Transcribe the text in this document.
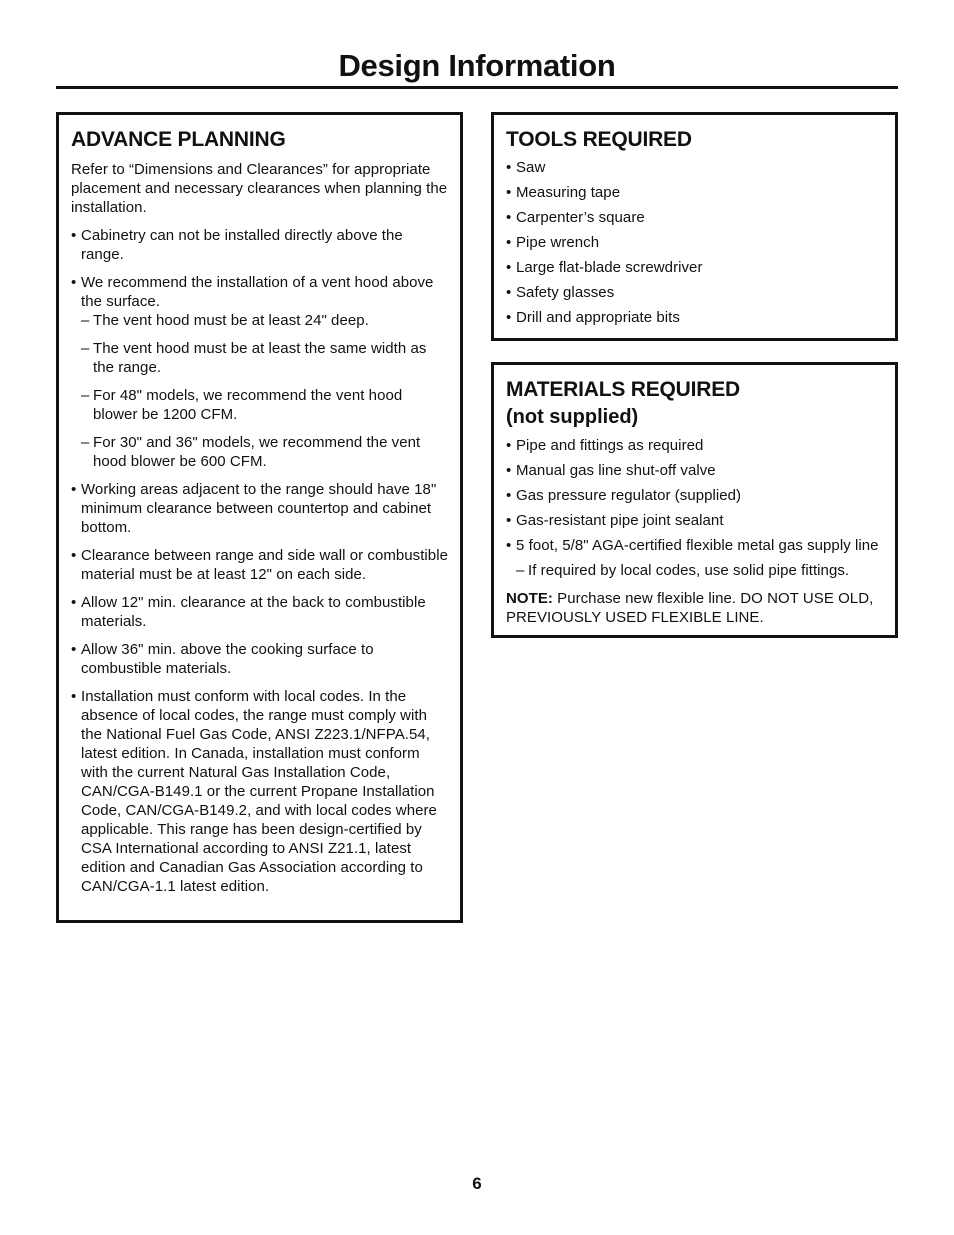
Design Information
ADVANCE PLANNING

Refer to “Dimensions and Clearances” for appropriate placement and necessary clearances when planning the installation.

• Cabinetry can not be installed directly above the range.
• We recommend the installation of a vent hood above the surface.
– The vent hood must be at least 24" deep.
– The vent hood must be at least the same width as the range.
– For 48" models, we recommend the vent hood blower be 1200 CFM.
– For 30" and 36" models, we recommend the vent hood blower be 600 CFM.
• Working areas adjacent to the range should have 18" minimum clearance between countertop and cabinet bottom.
• Clearance between range and side wall or combustible material must be at least 12" on each side.
• Allow 12" min. clearance at the back to combustible materials.
• Allow 36" min. above the cooking surface to combustible materials.
• Installation must conform with local codes. In the absence of local codes, the range must comply with the National Fuel Gas Code, ANSI Z223.1/NFPA.54, latest edition. In Canada, installation must conform with the current Natural Gas Installation Code, CAN/CGA-B149.1 or the current Propane Installation Code, CAN/CGA-B149.2, and with local codes where applicable. This range has been design-certified by CSA International according to ANSI Z21.1, latest edition and Canadian Gas Association according to CAN/CGA-1.1 latest edition.
TOOLS REQUIRED
• Saw
• Measuring tape
• Carpenter’s square
• Pipe wrench
• Large flat-blade screwdriver
• Safety glasses
• Drill and appropriate bits
MATERIALS REQUIRED
(not supplied)
• Pipe and fittings as required
• Manual gas line shut-off valve
• Gas pressure regulator (supplied)
• Gas-resistant pipe joint sealant
• 5 foot, 5/8" AGA-certified flexible metal gas supply line
– If required by local codes, use solid pipe fittings.

NOTE: Purchase new flexible line. DO NOT USE OLD, PREVIOUSLY USED FLEXIBLE LINE.

6
